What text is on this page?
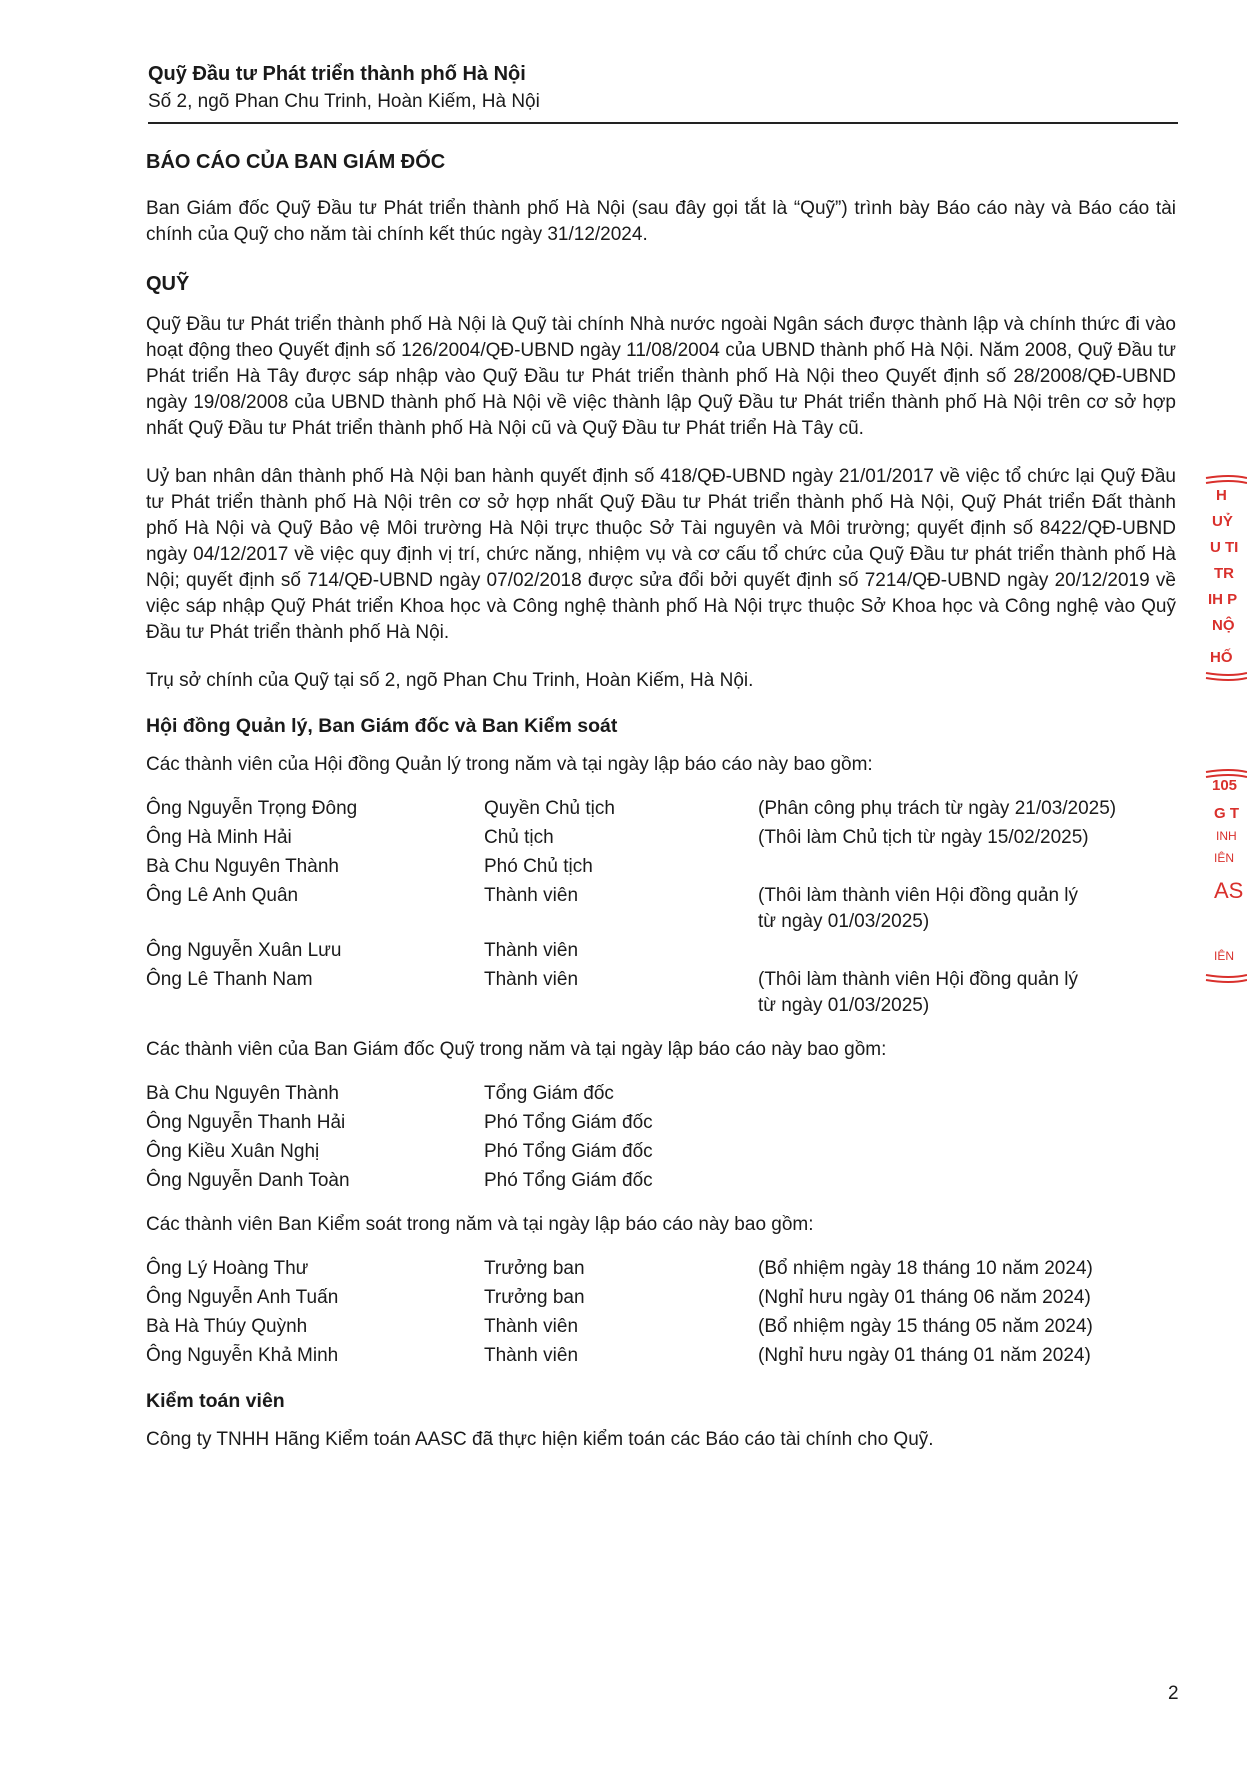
Quỹ Đầu tư Phát triển thành phố Hà Nội
Số 2, ngõ Phan Chu Trinh, Hoàn Kiếm, Hà Nội
BÁO CÁO CỦA BAN GIÁM ĐỐC

Ban Giám đốc Quỹ Đầu tư Phát triển thành phố Hà Nội (sau đây gọi tắt là “Quỹ”) trình bày Báo cáo này và Báo cáo tài chính của Quỹ cho năm tài chính kết thúc ngày 31/12/2024.

QUỸ

Quỹ Đầu tư Phát triển thành phố Hà Nội là Quỹ tài chính Nhà nước ngoài Ngân sách được thành lập và chính thức đi vào hoạt động theo Quyết định số 126/2004/QĐ-UBND ngày 11/08/2004 của UBND thành phố Hà Nội. Năm 2008, Quỹ Đầu tư Phát triển Hà Tây được sáp nhập vào Quỹ Đầu tư Phát triển thành phố Hà Nội theo Quyết định số 28/2008/QĐ-UBND ngày 19/08/2008 của UBND thành phố Hà Nội về việc thành lập Quỹ Đầu tư Phát triển thành phố Hà Nội trên cơ sở hợp nhất Quỹ Đầu tư Phát triển thành phố Hà Nội cũ và Quỹ Đầu tư Phát triển Hà Tây cũ.

Uỷ ban nhân dân thành phố Hà Nội ban hành quyết định số 418/QĐ-UBND ngày 21/01/2017 về việc tổ chức lại Quỹ Đầu tư Phát triển thành phố Hà Nội trên cơ sở hợp nhất Quỹ Đầu tư Phát triển thành phố Hà Nội, Quỹ Phát triển Đất thành phố Hà Nội và Quỹ Bảo vệ Môi trường Hà Nội trực thuộc Sở Tài nguyên và Môi trường; quyết định số 8422/QĐ-UBND ngày 04/12/2017 về việc quy định vị trí, chức năng, nhiệm vụ và cơ cấu tổ chức của Quỹ Đầu tư phát triển thành phố Hà Nội; quyết định số 714/QĐ-UBND ngày 07/02/2018 được sửa đổi bởi quyết định số 7214/QĐ-UBND ngày 20/12/2019 về việc sáp nhập Quỹ Phát triển Khoa học và Công nghệ thành phố Hà Nội trực thuộc Sở Khoa học và Công nghệ vào Quỹ Đầu tư Phát triển thành phố Hà Nội.

Trụ sở chính của Quỹ tại số 2, ngõ Phan Chu Trinh, Hoàn Kiếm, Hà Nội.

Hội đồng Quản lý, Ban Giám đốc và Ban Kiểm soát

Các thành viên của Hội đồng Quản lý trong năm và tại ngày lập báo cáo này bao gồm:

Ông Nguyễn Trọng Đông	Quyền Chủ tịch	(Phân công phụ trách từ ngày 21/03/2025)
Ông Hà Minh Hải	Chủ tịch	(Thôi làm Chủ tịch từ ngày 15/02/2025)
Bà Chu Nguyên Thành	Phó Chủ tịch
Ông Lê Anh Quân	Thành viên	(Thôi làm thành viên Hội đồng quản lý
từ ngày 01/03/2025)
Ông Nguyễn Xuân Lưu	Thành viên
Ông Lê Thanh Nam	Thành viên	(Thôi làm thành viên Hội đồng quản lý
từ ngày 01/03/2025)

Các thành viên của Ban Giám đốc Quỹ trong năm và tại ngày lập báo cáo này bao gồm:

Bà Chu Nguyên Thành	Tổng Giám đốc
Ông Nguyễn Thanh Hải	Phó Tổng Giám đốc
Ông Kiều Xuân Nghị	Phó Tổng Giám đốc
Ông Nguyễn Danh Toàn	Phó Tổng Giám đốc

Các thành viên Ban Kiểm soát trong năm và tại ngày lập báo cáo này bao gồm:

Ông Lý Hoàng Thư	Trưởng ban	(Bổ nhiệm ngày 18 tháng 10 năm 2024)
Ông Nguyễn Anh Tuấn	Trưởng ban	(Nghỉ hưu ngày 01 tháng 06 năm 2024)
Bà Hà Thúy Quỳnh	Thành viên	(Bổ nhiệm ngày 15 tháng 05 năm 2024)
Ông Nguyễn Khả Minh	Thành viên	(Nghỉ hưu ngày 01 tháng 01 năm 2024)
Kiểm toán viên

Công ty TNHH Hãng Kiểm toán AASC đã thực hiện kiểm toán các Báo cáo tài chính cho Quỹ.

H
UỶ
U TI
TR
IH P
NỘ
HỐ
105
G T
INH
IÊN
AS
IÊN
2
